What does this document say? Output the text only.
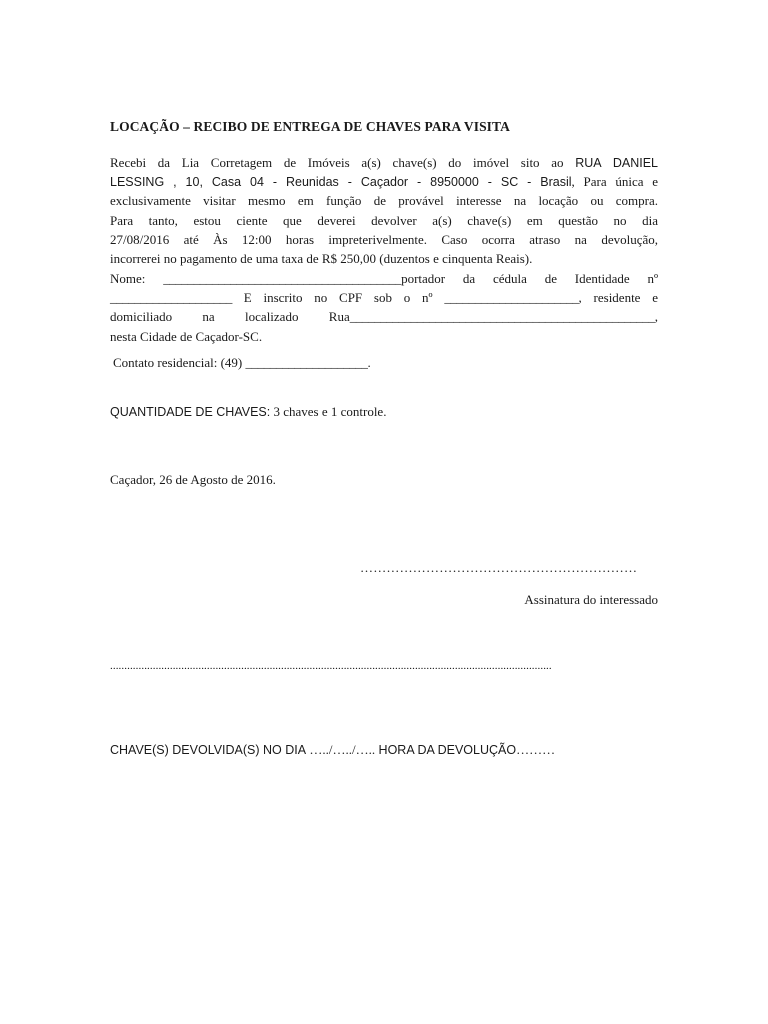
LOCAÇÃO – RECIBO DE ENTREGA DE CHAVES PARA VISITA
Recebi da Lia Corretagem de Imóveis a(s) chave(s) do imóvel sito ao RUA DANIEL
LESSING , 10, Casa 04 - Reunidas - Caçador - 8950000 - SC - Brasil, Para única e
exclusivamente visitar mesmo em função de provável interesse na locação ou compra.
Para tanto, estou ciente que deverei devolver a(s) chave(s) em questão no dia
27/08/2016 até Às 12:00 horas impreterivelmente. Caso ocorra atraso na devolução,
incorrerei no pagamento de uma taxa de R$ 250,00 (duzentos e cinquenta Reais).
Nome: _______________________________________portador da cédula de Identidade nº
____________________ E inscrito no CPF sob o nº ______________________, residente e
domiciliado na localizado Rua__________________________________________________,
nesta Cidade de Caçador-SC.
Contato residencial: (49) ____________________.
QUANTIDADE DE CHAVES: 3 chaves e 1 controle.
Caçador, 26 de Agosto de 2016.
………………………………………………………
Assinatura do interessado
...........................................................................................................................................................
CHAVE(S) DEVOLVIDA(S) NO DIA …../…../….. HORA DA DEVOLUÇÃO………
